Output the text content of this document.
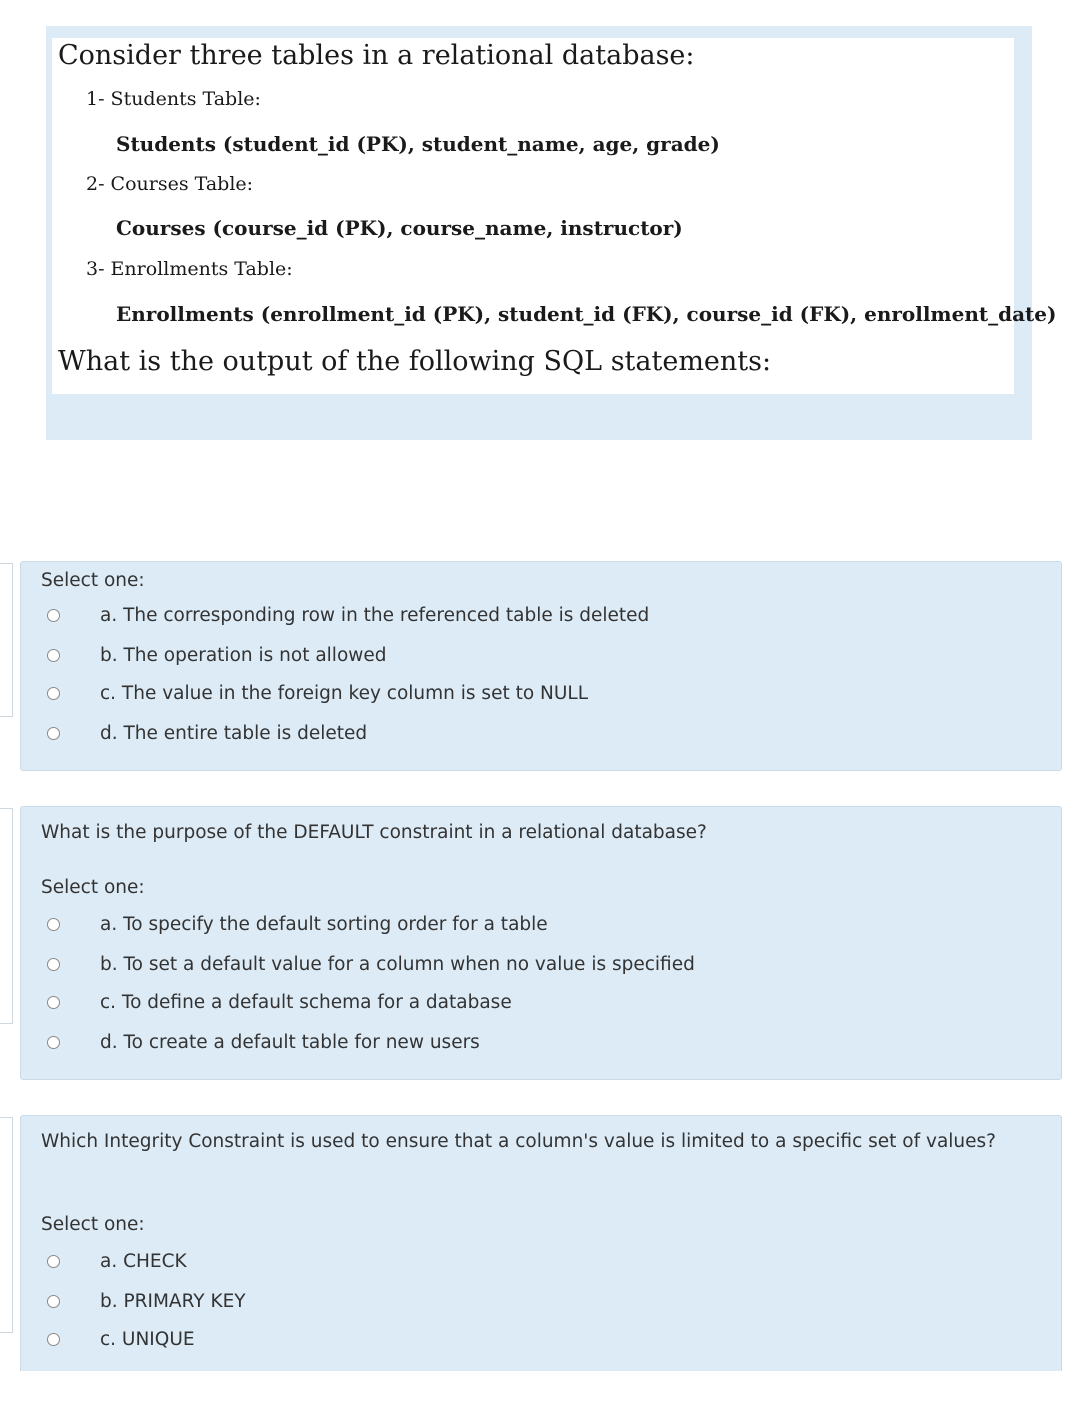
Consider three tables in a relational database:
1- Students Table:
Students (student_id (PK), student_name, age, grade)
2- Courses Table:
Courses (course_id (PK), course_name, instructor)
3- Enrollments Table:
Enrollments (enrollment_id (PK), student_id (FK), course_id (FK), enrollment_date)
What is the output of the following SQL statements:
Select one:
a. The corresponding row in the referenced table is deleted
b. The operation is not allowed
c. The value in the foreign key column is set to NULL
d. The entire table is deleted
What is the purpose of the DEFAULT constraint in a relational database?
Select one:
a. To specify the default sorting order for a table
b. To set a default value for a column when no value is specified
c. To define a default schema for a database
d. To create a default table for new users
Which Integrity Constraint is used to ensure that a column's value is limited to a specific set of values?
Select one:
a. CHECK
b. PRIMARY KEY
c. UNIQUE
